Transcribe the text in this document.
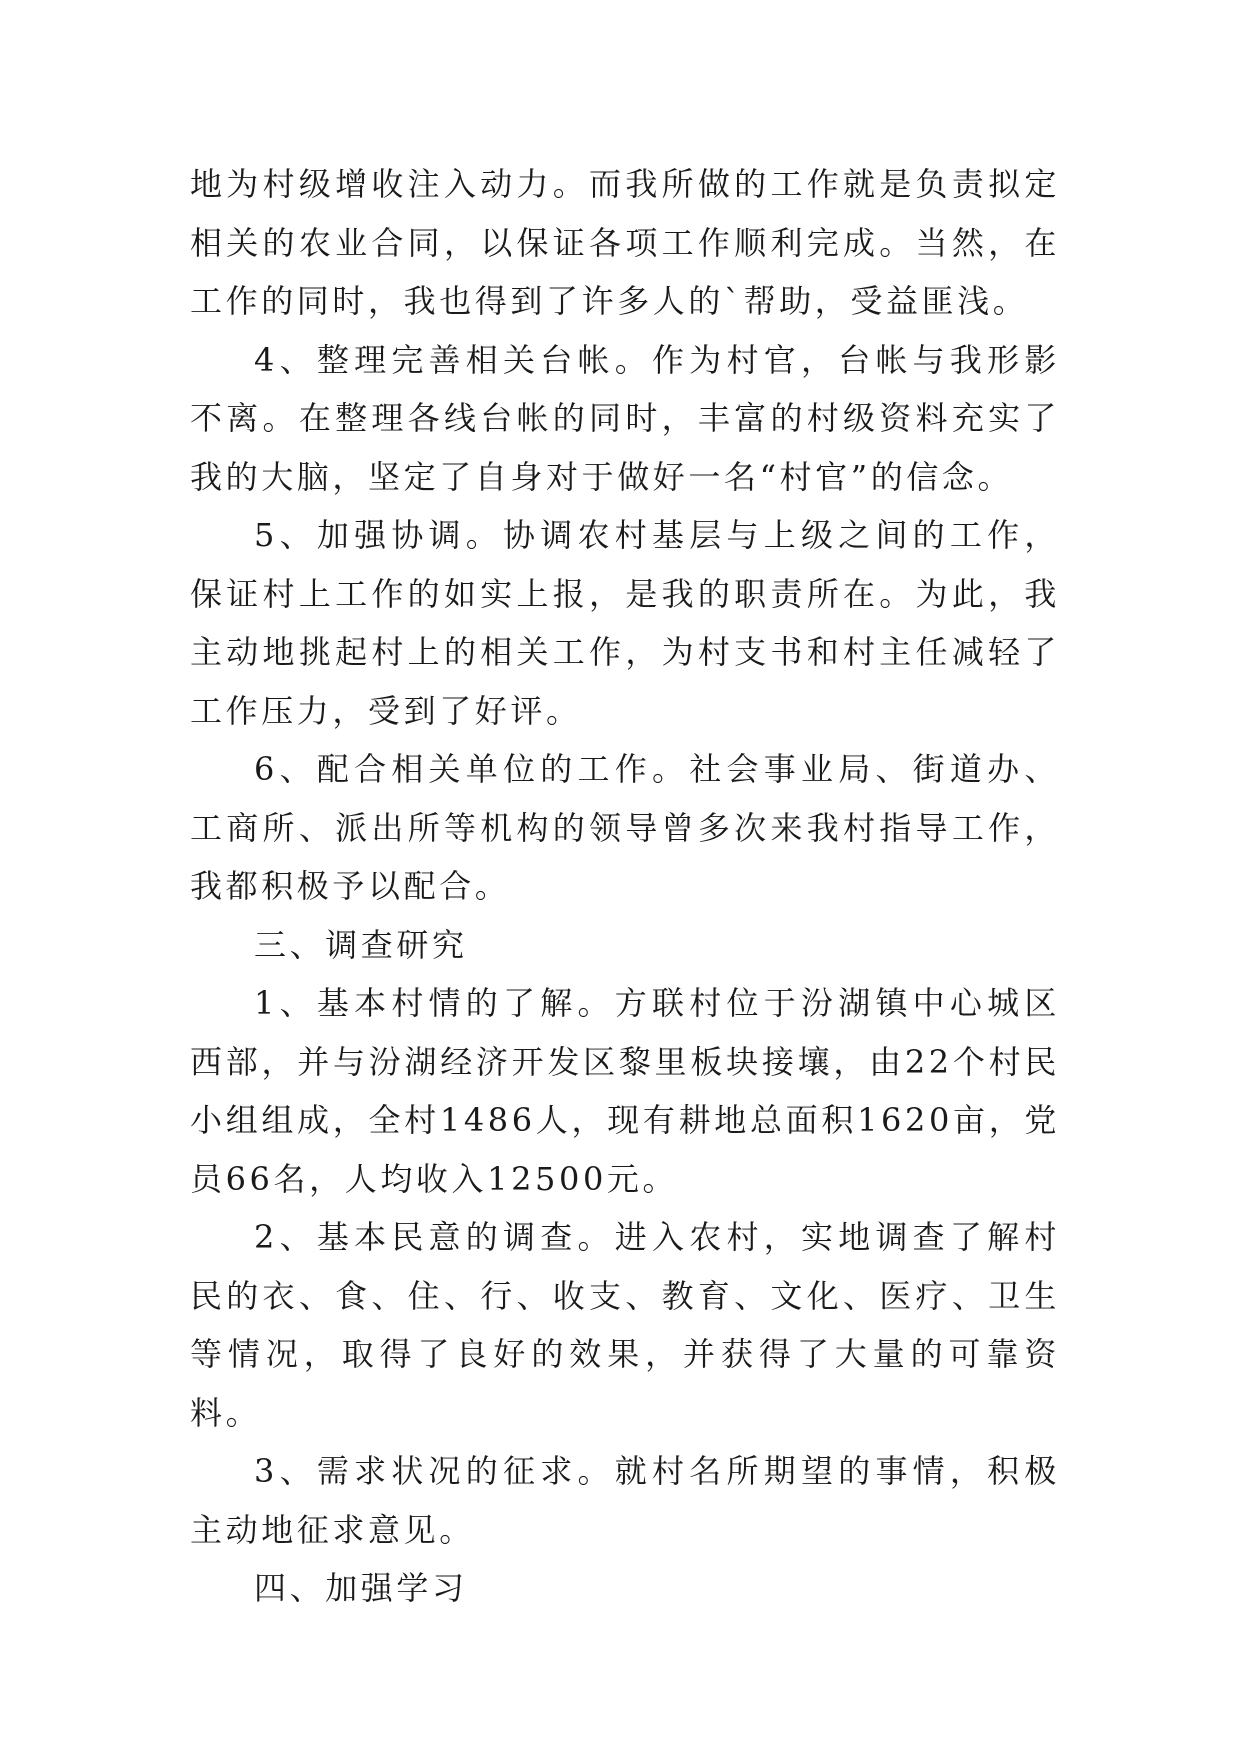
地为村级增收注入动力。而我所做的工作就是负责拟定相关的农业合同，以保证各项工作顺利完成。当然，在工作的同时，我也得到了许多人的`帮助，受益匪浅。

4、整理完善相关台帐。作为村官，台帐与我形影不离。在整理各线台帐的同时，丰富的村级资料充实了我的大脑，坚定了自身对于做好一名“村官”的信念。

5、加强协调。协调农村基层与上级之间的工作，保证村上工作的如实上报，是我的职责所在。为此，我主动地挑起村上的相关工作，为村支书和村主任减轻了工作压力，受到了好评。

6、配合相关单位的工作。社会事业局、街道办、工商所、派出所等机构的领导曾多次来我村指导工作，我都积极予以配合。

三、调查研究

1、基本村情的了解。方联村位于汾湖镇中心城区西部，并与汾湖经济开发区黎里板块接壤，由22个村民小组组成，全村1486人，现有耕地总面积1620亩，党员66名，人均收入12500元。

2、基本民意的调查。进入农村，实地调查了解村民的衣、食、住、行、收支、教育、文化、医疗、卫生等情况，取得了良好的效果，并获得了大量的可靠资料。

3、需求状况的征求。就村名所期望的事情，积极主动地征求意见。

四、加强学习
